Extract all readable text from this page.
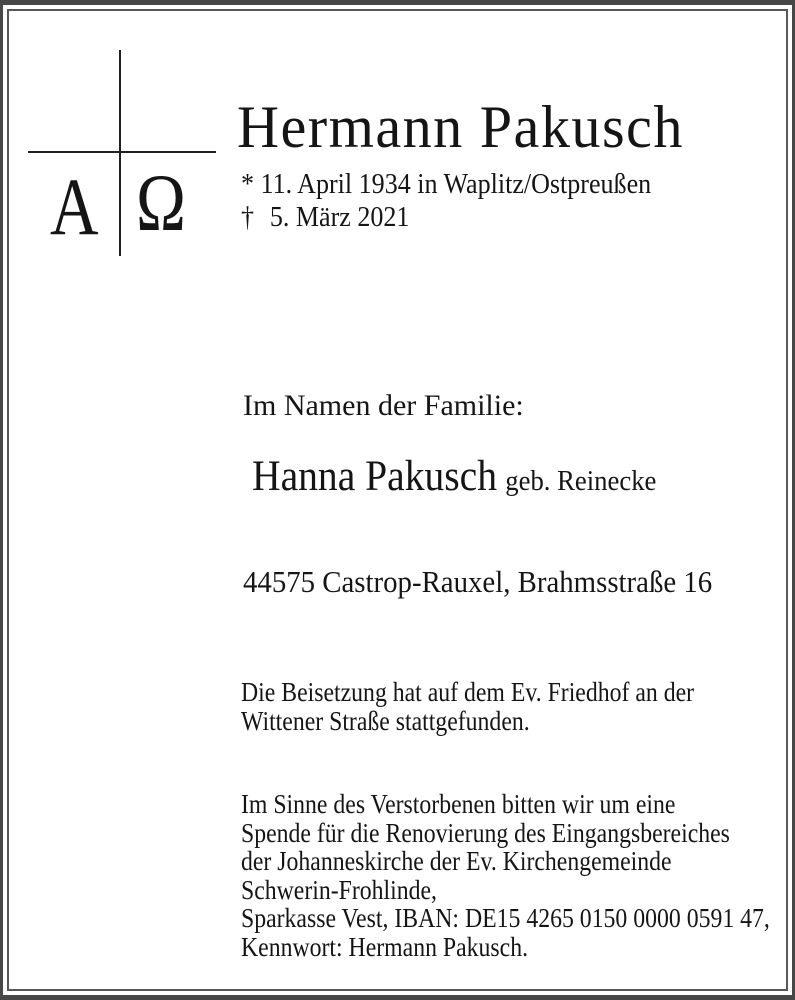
A Ω
Hermann Pakusch
* 11. April 1934 in Waplitz/Ostpreußen
† 5. März 2021
Im Namen der Familie:
Hanna Pakusch geb. Reinecke
44575 Castrop-Rauxel, Brahmsstraße 16
Die Beisetzung hat auf dem Ev. Friedhof an der
Wittener Straße stattgefunden.
Im Sinne des Verstorbenen bitten wir um eine
Spende für die Renovierung des Eingangsbereiches
der Johanneskirche der Ev. Kirchengemeinde
Schwerin-Frohlinde,
Sparkasse Vest, IBAN: DE15 4265 0150 0000 0591 47,
Kennwort: Hermann Pakusch.
